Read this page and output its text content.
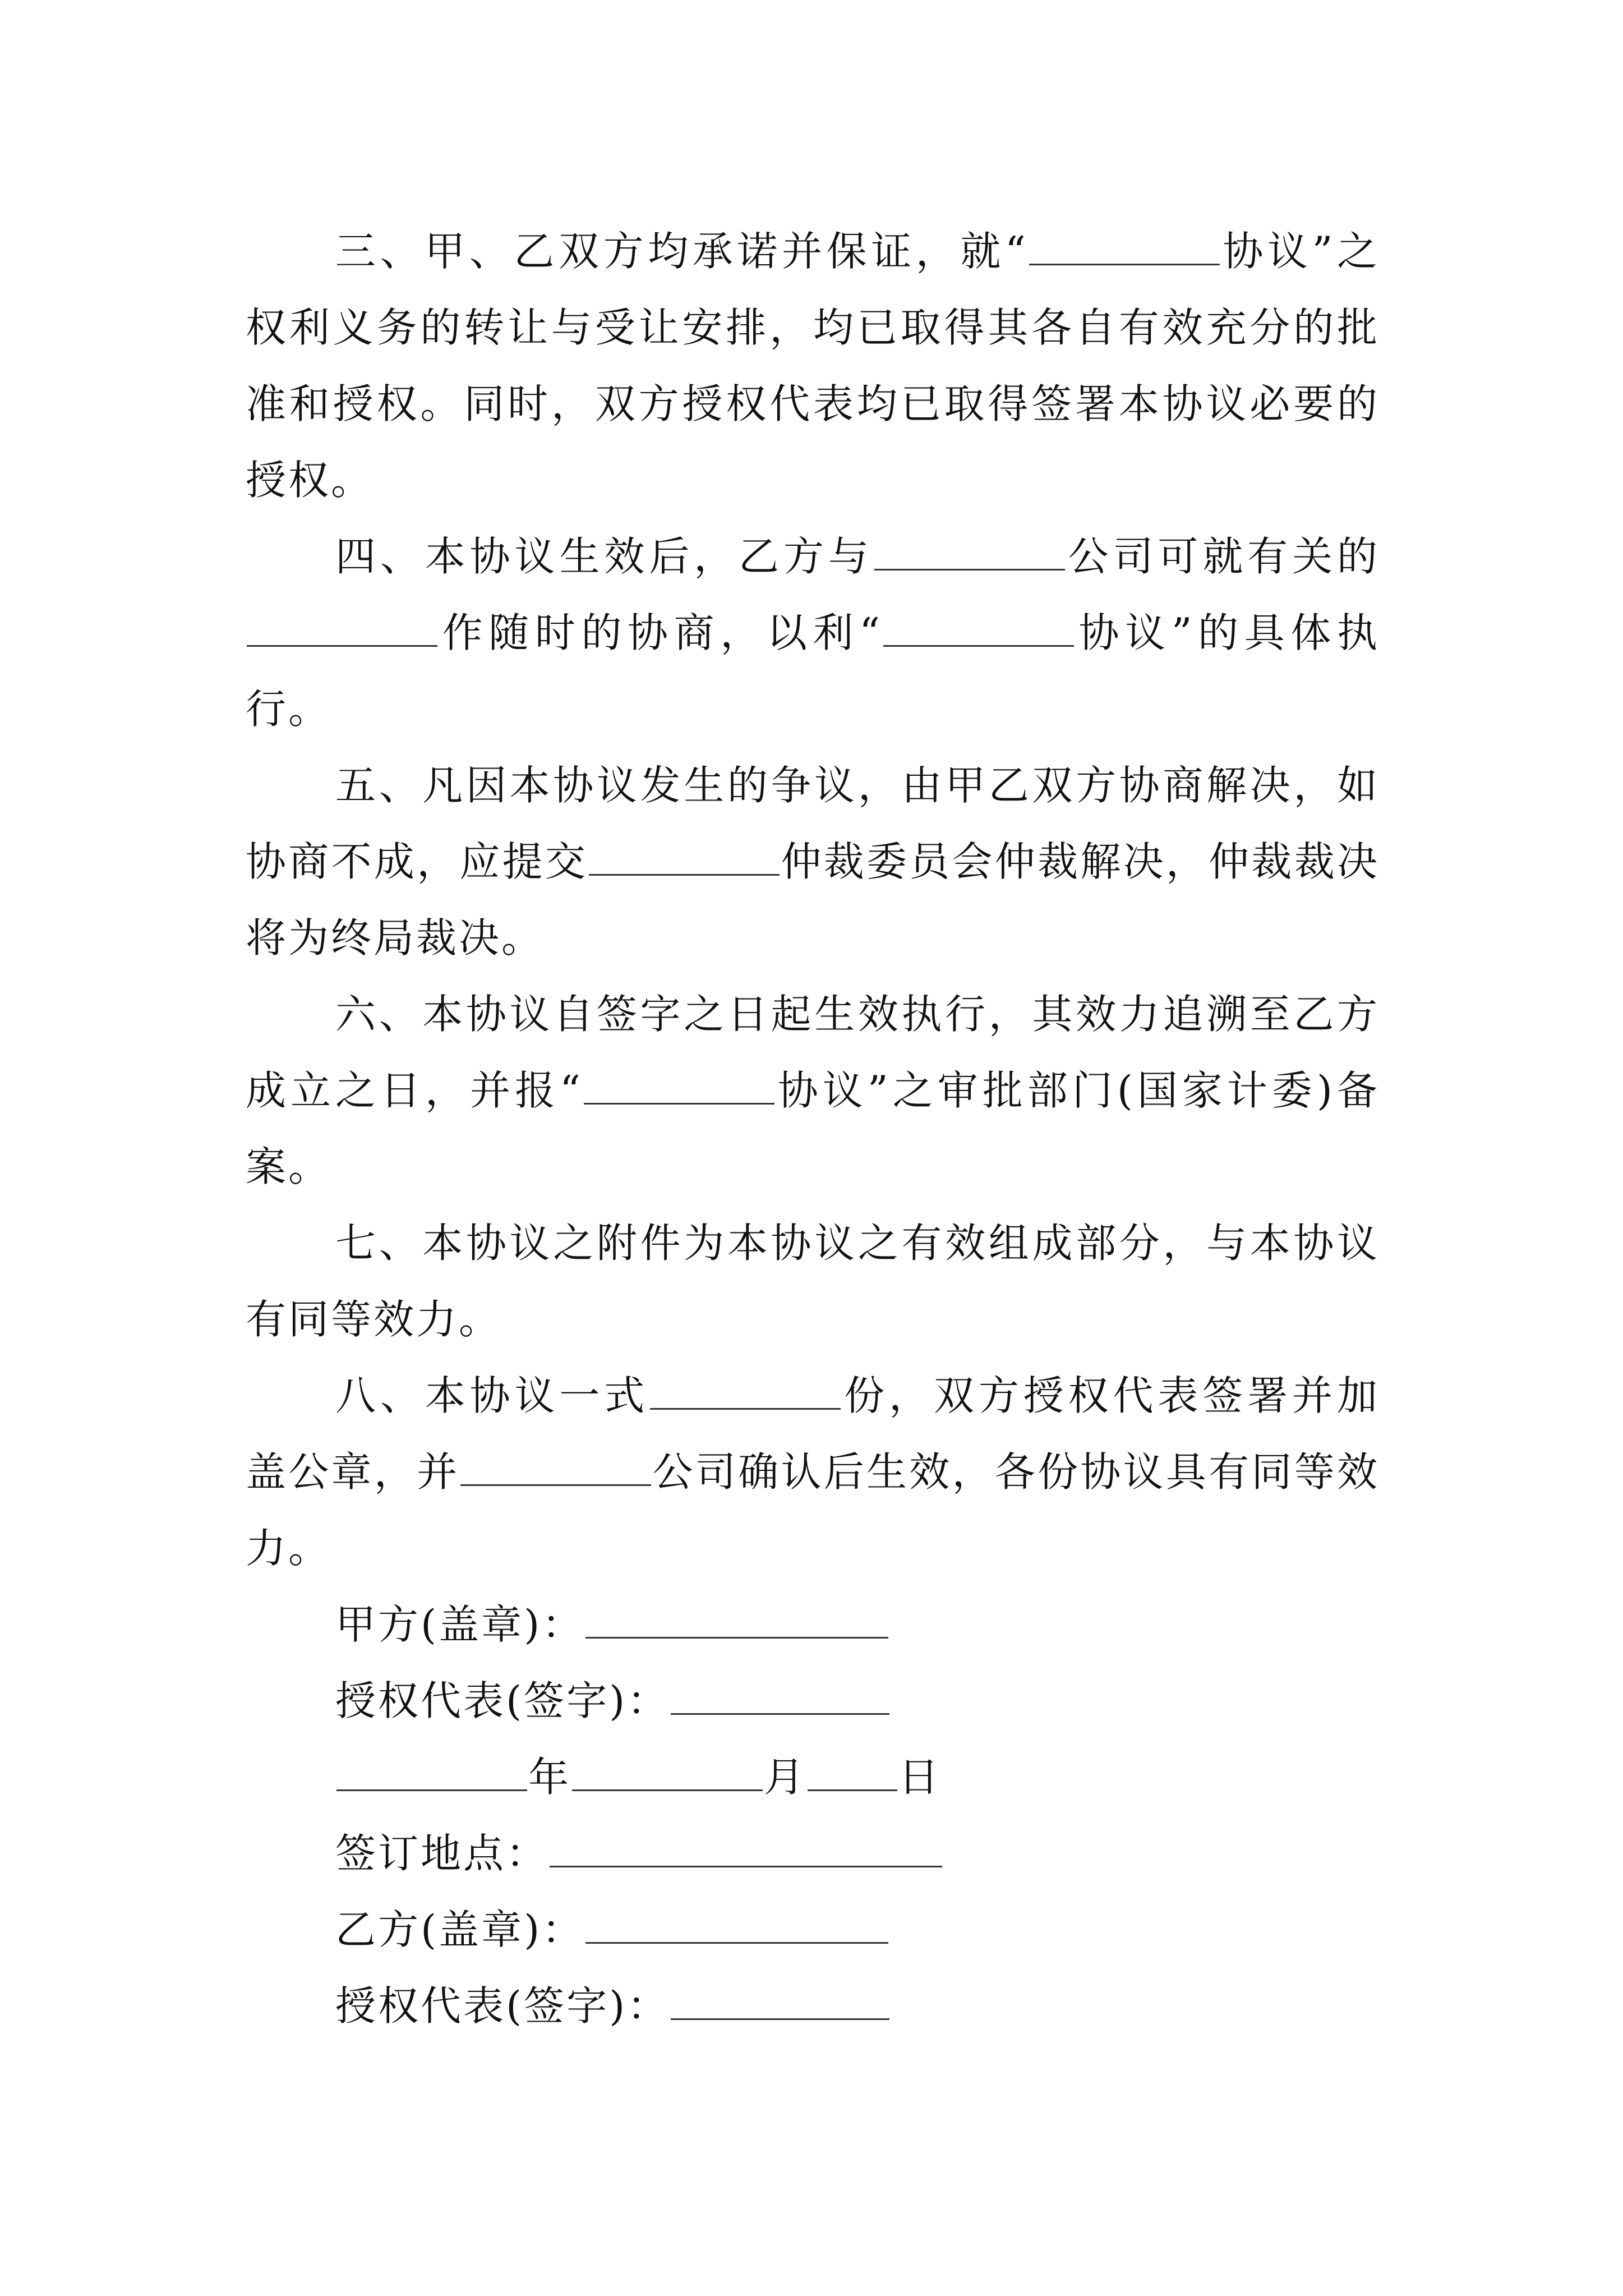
三、甲、乙双方均承诺并保证，就“	协议”之权利义务的转让与受让安排，均已取得其各自有效充分的批准和授权。同时，双方授权代表均已取得签署本协议必要的授权。

四、本协议生效后，乙方与	公司可就有关的作随时的协商，以利“	协议”的具体执行。

五、凡因本协议发生的争议，由甲乙双方协商解决，如协商不成，应提交	仲裁委员会仲裁解决，仲裁裁决将为终局裁决。

六、本协议自签字之日起生效执行，其效力追溯至乙方成立之日，并报“	协议”之审批部门(国家计委)备案。

七、本协议之附件为本协议之有效组成部分，与本协议有同等效力。

八、本协议一式	份，双方授权代表签署并加盖公章，并	公司确认后生效，各份协议具有同等效力。

甲方(盖章)：

授权代表(签字)：

年	月 日

签订地点：

乙方(盖章)：

授权代表(签字)：
